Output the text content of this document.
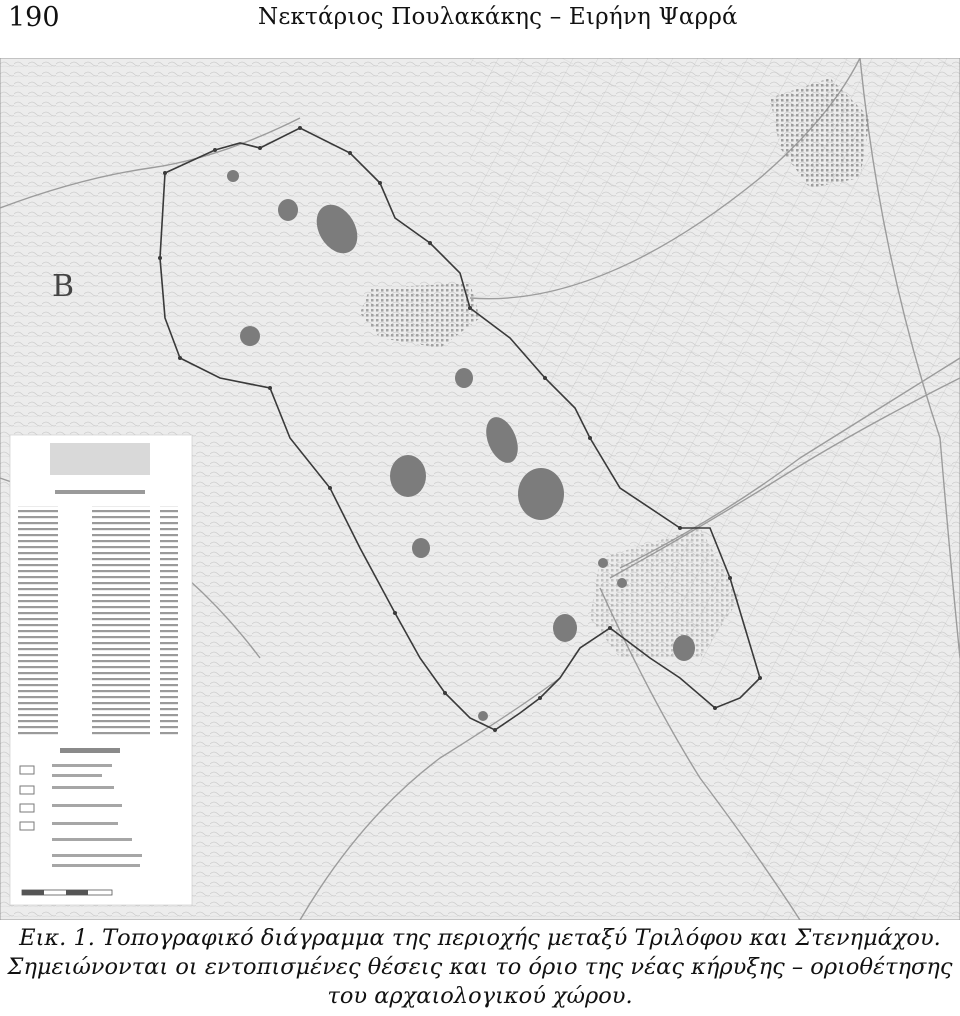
190	Νεκτάριος Πουλακάκης – Ειρήνη Ψαρρά
B
Εικ. 1. Τοπογραφικό διάγραμμα της περιοχής μεταξύ Τριλόφου και Στενημάχου.
Σημειώνονται οι εντοπισμένες θέσεις και το όριο της νέας κήρυξης – οριοθέτησης
του αρχαιολογικού χώρου.
